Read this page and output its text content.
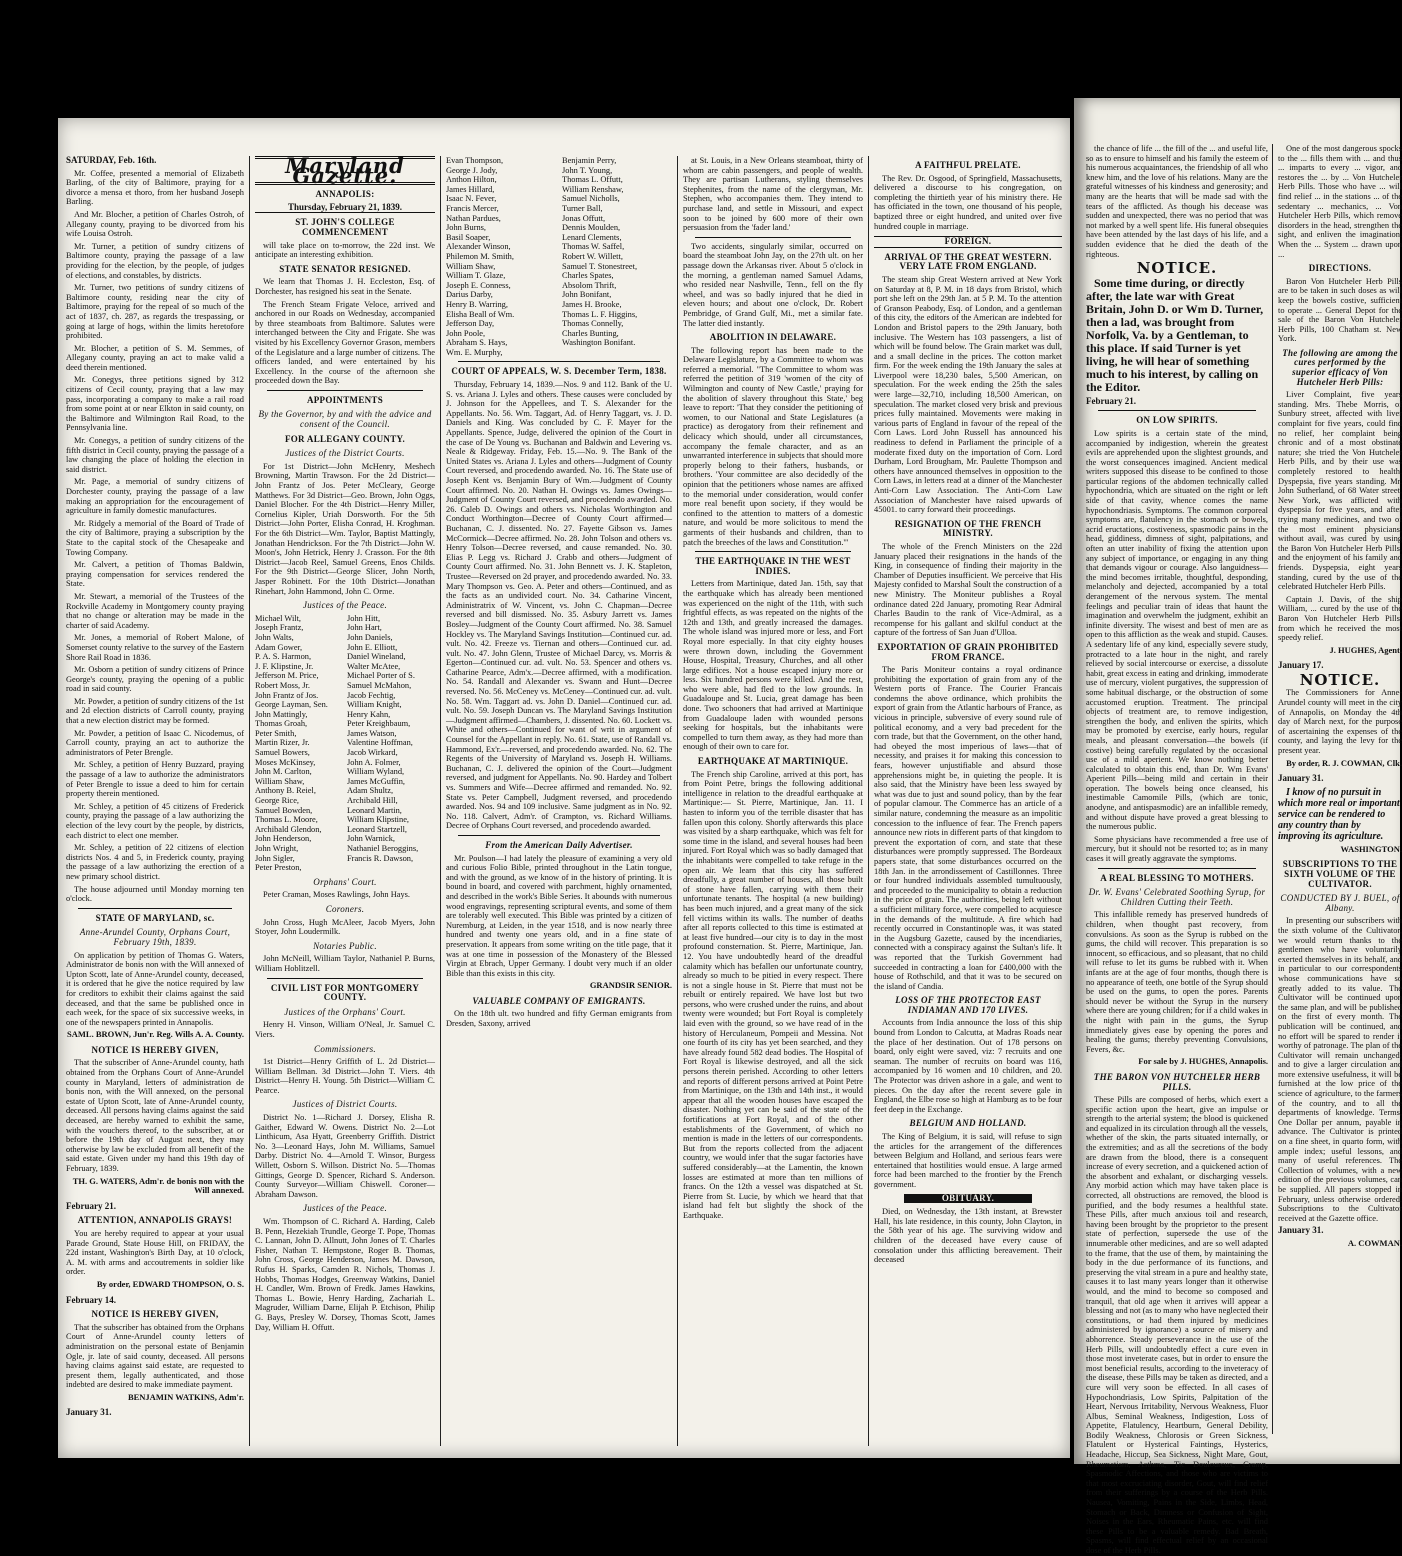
SATURDAY, Feb. 16th.

Mr. Coffee, presented a memorial of Elizabeth Barling, of the city of Baltimore, praying for a divorce a mensa et thoro, from her husband Joseph Barling.

And Mr. Blocher, a petition of Charles Ostroh, of Allegany county, praying to be divorced from his wife Louisa Ostroh.

Mr. Turner, a petition of sundry citizens of Baltimore county, praying the passage of a law providing for the election, by the people, of judges of elections, and constables, by districts.

Mr. Turner, two petitions of sundry citizens of Baltimore county, residing near the city of Baltimore, praying for the repeal of so much of the act of 1837, ch. 287, as regards the trespassing, or going at large of hogs, within the limits heretofore prohibited.

Mr. Blocher, a petition of S. M. Semmes, of Allegany county, praying an act to make valid a deed therein mentioned.

Mr. Conegys, three petitions signed by 312 citizens of Cecil county, praying that a law may pass, incorporating a company to make a rail road from some point at or near Elkton in said county, on the Baltimore and Wilmington Rail Road, to the Pennsylvania line.

Mr. Conegys, a petition of sundry citizens of the fifth district in Cecil county, praying the passage of a law changing the place of holding the election in said district.

Mr. Page, a memorial of sundry citizens of Dorchester county, praying the passage of a law making an appropriation for the encouragement of agriculture in family domestic manufactures.

Mr. Ridgely a memorial of the Board of Trade of the city of Baltimore, praying a subscription by the State to the capital stock of the Chesapeake and Towing Company.

Mr. Calvert, a petition of Thomas Baldwin, praying compensation for services rendered the State.

Mr. Stewart, a memorial of the Trustees of the Rockville Academy in Montgomery county praying that no change or alteration may be made in the charter of said Academy.

Mr. Jones, a memorial of Robert Malone, of Somerset county relative to the survey of the Eastern Shore Rail Road in 1836.

Mr. Osborn a petition of sundry citizens of Prince George's county, praying the opening of a public road in said county.

Mr. Powder, a petition of sundry citizens of the 1st and 2d election districts of Carroll county, praying that a new election district may be formed.

Mr. Powder, a petition of Isaac C. Nicodemus, of Carroll county, praying an act to authorize the administrators of Peter Brengle.

Mr. Schley, a petition of Henry Buzzard, praying the passage of a law to authorize the administrators of Peter Brengle to issue a deed to him for certain property therein mentioned.

Mr. Schley, a petition of 45 citizens of Frederick county, praying the passage of a law authorizing the election of the levy court by the people, by districts, each district to elect one member.

Mr. Schley, a petition of 22 citizens of election districts Nos. 4 and 5, in Frederick county, praying the passage of a law authorizing the erection of a new primary school district.

The house adjourned until Monday morning ten o'clock.

STATE OF MARYLAND, sc.
Anne-Arundel County, Orphans Court, February 19th, 1839.

On application by petition of Thomas G. Waters, Administrator de bonis non with the Will annexed of Upton Scott, late of Anne-Arundel county, deceased, it is ordered that he give the notice required by law for creditors to exhibit their claims against the said deceased, and that the same be published once in each week, for the space of six successive weeks, in one of the newspapers printed in Annapolis.

SAML. BROWN, Jun'r. Reg. Wills A. A. County.
NOTICE IS HEREBY GIVEN,

That the subscriber of Anne-Arundel county, hath obtained from the Orphans Court of Anne-Arundel county in Maryland, letters of administration de bonis non, with the Will annexed, on the personal estate of Upton Scott, late of Anne-Arundel county, deceased. All persons having claims against the said deceased, are hereby warned to exhibit the same, with the vouchers thereof, to the subscriber, at or before the 19th day of August next, they may otherwise by law be excluded from all benefit of the said estate. Given under my hand this 19th day of February, 1839.

TH. G. WATERS, Adm'r. de bonis non with the Will annexed.
February 21.
ATTENTION, ANNAPOLIS GRAYS!

You are hereby required to appear at your usual Parade Ground, State House Hill, on FRIDAY, the 22d instant, Washington's Birth Day, at 10 o'clock, A. M. with arms and accoutrements in soldier like order.

By order, EDWARD THOMPSON, O. S.
February 14.
NOTICE IS HEREBY GIVEN,

That the subscriber has obtained from the Orphans Court of Anne-Arundel county letters of administration on the personal estate of Benjamin Ogle, jr. late of said county, deceased. All persons having claims against said estate, are requested to present them, legally authenticated, and those indebted are desired to make immediate payment.

BENJAMIN WATKINS, Adm'r.
January 31.
Maryland Gazette.
ANNAPOLIS:
Thursday, February 21, 1839.
ST. JOHN'S COLLEGE COMMENCEMENT

will take place on to-morrow, the 22d inst. We anticipate an interesting exhibition.

STATE SENATOR RESIGNED.

We learn that Thomas J. H. Eccleston, Esq. of Dorchester, has resigned his seat in the Senate.

The French Steam Frigate Veloce, arrived and anchored in our Roads on Wednesday, accompanied by three steamboats from Baltimore. Salutes were interchanged between the City and Frigate. She was visited by his Excellency Governor Grason, members of the Legislature and a large number of citizens. The officers landed, and were entertained by his Excellency. In the course of the afternoon she proceeded down the Bay.

APPOINTMENTS
By the Governor, by and with the advice and consent of the Council.
FOR ALLEGANY COUNTY.
Justices of the District Courts.

For 1st District—John McHenry, Meshech Browning, Martin Trawson. For the 2d District—John Frantz of Jos. Peter McCleary, George Matthews. For 3d District—Geo. Brown, John Oggs, Daniel Blocher. For the 4th District—Henry Miller, Cornelius Kipler, Uriah Dorsworth. For the 5th District—John Porter, Elisha Conrad, H. Kroghman. For the 6th District—Wm. Taylor, Baptist Mattingly, Jonathan Hendrickson. For the 7th District—John W. Moon's, John Hetrick, Henry J. Crasson. For the 8th District—Jacob Reel, Samuel Greens, Enos Childs. For the 9th District—George Slicer, John North, Jasper Robinett. For the 10th District—Jonathan Rinehart, John Hammond, John C. Orme.

Justices of the Peace.
Michael Wilt,
Joseph Frantz,
John Walts,
Adam Gower,
P. A. S. Harmon,
J. F. Klipstine, Jr.
Jefferson M. Price,
Robert Moss, Jr.
John Frantz of Jos.
George Layman, Sen.
John Mattingly,
Thomas Groah,
Peter Smith,
Martin Rizer, Jr.
Samuel Bowers,
Moses McKinsey,
John M. Carlton,
William Shaw,
Anthony B. Reiel,
George Rice,
Samuel Bowden,
Thomas L. Moore,
Archibald Glendon,
John Henderson,
John Wright,
John Sigler,
Peter Preston,
John Hitt,
John Hart,
John Daniels,
John E. Elliott,
Daniel Wineland,
Walter McAtee,
Michael Porter of S.
Samuel McMahon,
Jacob Fechtig,
William Knight,
Henry Kahn,
Peter Kreighbaum,
James Watson,
Valentine Hoffman,
Jacob Wirkard,
John A. Folmer,
William Wyland,
James McGuffin,
Adam Shultz,
Archibald Hill,
Leonard Martin,
William Klipstine,
Leonard Startzell,
John Warnick,
Nathaniel Beroggins,
Francis R. Dawson,
Orphans' Court.

Peter Craman, Moses Rawlings, John Hays.

Coroners.

John Cross, Hugh McAleer, Jacob Myers, John Stoyer, John Loudermilk.

Notaries Public.

John McNeill, William Taylor, Nathaniel P. Burns, William Hoblitzell.

CIVIL LIST FOR MONTGOMERY COUNTY.
Justices of the Orphans' Court.

Henry H. Vinson, William O'Neal, Jr. Samuel C. Viers.

Commissioners.

1st District—Henry Griffith of L. 2d District—William Bellman. 3d District—John T. Viers. 4th District—Henry H. Young. 5th District—William C. Pearce.

Justices of District Courts.

District No. 1—Richard J. Dorsey, Elisha R. Gaither, Edward W. Owens. District No. 2—Lot Linthicum, Asa Hyatt, Greenberry Griffith. District No. 3—Leonard Hays, John M. Williams, Samuel Darby. District No. 4—Arnold T. Winsor, Burgess Willett, Osborn S. Willson. District No. 5—Thomas Gittings, George D. Spencer, Richard S. Anderson. County Surveyor—William Chiswell. Coroner—Abraham Dawson.

Justices of the Peace.

Wm. Thompson of C. Richard A. Harding, Caleb B. Penn, Hezekiah Trundle, George T. Pope, Thomas C. Lannan, John D. Allnutt, John Jones of T. Charles Fisher, Nathan T. Hempstone, Roger B. Thomas, John Cross, George Henderson, James M. Dawson, Rufus H. Sparks, Camden R. Nichols, Thomas J. Hobbs, Thomas Hodges, Greenway Watkins, Daniel H. Candler, Wm. Brown of Fredk. James Hawkins, Thomas L. Bowie, Henry Harding, Zachariah L. Magruder, William Darne, Elijah P. Etchison, Philip G. Bays, Presley W. Dorsey, Thomas Scott, James Day, William H. Offutt.

Evan Thompson,
George J. Jody,
Anthon Hilton,
James Hillard,
Isaac N. Fever,
Francis Mercer,
Nathan Pardues,
John Burns,
Basil Soaper,
Alexander Winson,
Philemon M. Smith,
William Shaw,
William T. Glaze,
Joseph E. Conness,
Darius Darby,
Henry B. Warring,
Elisha Beall of Wm.
Jefferson Day,
John Poole,
Abraham S. Hays,
Wm. E. Murphy,
Benjamin Perry,
John T. Young,
Thomas L. Offutt,
William Renshaw,
Samuel Nicholls,
Turner Ball,
Jonas Offutt,
Dennis Moulden,
Lenard Clements,
Thomas W. Saffel,
Robert W. Willett,
Samuel T. Stonestreet,
Charles Spates,
Absolom Thrift,
John Bonifant,
James H. Brooke,
Thomas L. F. Higgins,
Thomas Connelly,
Charles Bunting,
Washington Bonifant.
COURT OF APPEALS, W. S. December Term, 1838.

Thursday, February 14, 1839.—Nos. 9 and 112. Bank of the U. S. vs. Ariana J. Lyles and others. These causes were concluded by J. Johnson for the Appellees, and T. S. Alexander for the Appellants. No. 56. Wm. Taggart, Ad. of Henry Taggart, vs. J. D. Daniels and King. Was concluded by C. F. Mayer for the Appellants. Spence, Judge, delivered the opinion of the Court in the case of De Young vs. Buchanan and Baldwin and Levering vs. Neale & Ridgeway. Friday, Feb. 15.—No. 9. The Bank of the United States vs. Ariana J. Lyles and others—Judgment of County Court reversed, and procedendo awarded. No. 16. The State use of Joseph Kent vs. Benjamin Bury of Wm.—Judgment of County Court affirmed. No. 20. Nathan H. Owings vs. James Owings—Judgment of County Court reversed, and procedendo awarded. No. 26. Caleb D. Owings and others vs. Nicholas Worthington and Conduct Worthington—Decree of County Court affirmed—Buchanan, C. J. dissented. No. 27. Fayette Gibson vs. James McCormick—Decree affirmed. No. 28. John Tolson and others vs. Henry Tolson—Decree reversed, and cause remanded. No. 30. Elias P. Legg vs. Richard J. Crabb and others—Judgment of County Court affirmed. No. 31. John Bennett vs. J. K. Stapleton, Trustee—Reversed on 2d prayer, and procedendo awarded. No. 33. Mary Thompson vs. Geo. A. Peter and others—Continued, and as the facts as an undivided court. No. 34. Catharine Vincent, Administratrix of W. Vincent, vs. John C. Chapman—Decree reversed and bill dismissed. No. 35. Asbury Jarrett vs. James Bosley—Judgment of the County Court affirmed. No. 38. Samuel Hockley vs. The Maryland Savings Institution—Continued cur. ad. vult. No. 42. Freeze vs. Tiernan and others—Continued cur. ad. vult. No. 47. John Glenn, Trustee of Michael Darcy, vs. Morris & Egerton—Continued cur. ad. vult. No. 53. Spencer and others vs. Catharine Pearce, Adm'x.—Decree affirmed, with a modification. No. 54. Randall and Alexander vs. Swann and Hunt—Decree reversed. No. 56. McCeney vs. McCeney—Continued cur. ad. vult. No. 58. Wm. Taggart ad. vs. John D. Daniel—Continued cur. ad. vult. No. 59. Joseph Duncan vs. The Maryland Savings Institution—Judgment affirmed—Chambers, J. dissented. No. 60. Lockett vs. White and others—Continued for want of writ in argument of Counsel for the Appellant in reply. No. 61. State, use of Randall vs. Hammond, Ex'r.—reversed, and procedendo awarded. No. 62. The Regents of the University of Maryland vs. Joseph H. Williams. Buchanan, C. J. delivered the opinion of the Court—Judgment reversed, and judgment for Appellants. No. 90. Hardey and Tolbert vs. Summers and Wife—Decree affirmed and remanded. No. 92. State vs. Peter Campbell, Judgment reversed, and procedendo awarded. Nos. 94 and 109 inclusive. Same judgment as in No. 92. No. 118. Calvert, Adm'r. of Crampton, vs. Richard Williams. Decree of Orphans Court reversed, and procedendo awarded.

From the American Daily Advertiser.

Mr. Poulson—I had lately the pleasure of examining a very old and curious Folio Bible, printed throughout in the Latin tongue, and with the ground, as we know of in the history of printing. It is bound in board, and covered with parchment, highly ornamented, and described in the work's Bible Series. It abounds with numerous wood engravings, representing scriptural events, and some of them are tolerably well executed. This Bible was printed by a citizen of Nuremburg, at Leiden, in the year 1518, and is now nearly three hundred and twenty one years old, and in a fine state of preservation. It appears from some writing on the title page, that it was at one time in possession of the Monastery of the Blessed Virgin at Ebrach, Upper Germany. I doubt very much if an older Bible than this exists in this city.

GRANDSIR SENIOR.
VALUABLE COMPANY OF EMIGRANTS.

On the 18th ult. two hundred and fifty German emigrants from Dresden, Saxony, arrived

at St. Louis, in a New Orleans steamboat, thirty of whom are cabin passengers, and people of wealth. They are partisan Lutherans, styling themselves Stephenites, from the name of the clergyman, Mr. Stephen, who accompanies them. They intend to purchase land, and settle in Missouri, and expect soon to be joined by 600 more of their own persuasion from the 'fader land.'

Two accidents, singularly similar, occurred on board the steamboat John Jay, on the 27th ult. on her passage down the Arkansas river. About 5 o'clock in the morning, a gentleman named Samuel Adams, who resided near Nashville, Tenn., fell on the fly wheel, and was so badly injured that he died in eleven hours; and about one o'clock, Dr. Robert Pembridge, of Grand Gulf, Mi., met a similar fate. The latter died instantly.

ABOLITION IN DELAWARE.

The following report has been made to the Delaware Legislature, by a Committee to whom was referred a memorial. "The Committee to whom was referred the petition of 319 'women of the city of Wilmington and county of New Castle,' praying for the abolition of slavery throughout this State,' beg leave to report: 'That they consider the petitioning of women, to our National and State Legislatures (a practice) as derogatory from their refinement and delicacy which should, under all circumstances, accompany the female character, and as an unwarranted interference in subjects that should more properly belong to their fathers, husbands, or brothers. 'Your committee are also decidedly of the opinion that the petitioners whose names are affixed to the memorial under consideration, would confer more real benefit upon society, if they would be confined to the attention to matters of a domestic nature, and would be more solicitous to mend the garments of their husbands and children, than to patch the breeches of the laws and Constitution.'"

THE EARTHQUAKE IN THE WEST INDIES.

Letters from Martinique, dated Jan. 15th, say that the earthquake which has already been mentioned was experienced on the night of the 11th, with such frightful effects, as was repeated on the nights of the 12th and 13th, and greatly increased the damages. The whole island was injured more or less, and Fort Royal more especially. In that city eighty houses were thrown down, including the Government House, Hospital, Treasury, Churches, and all other large edifices. Not a house escaped injury more or less. Six hundred persons were killed. And the rest, who were able, had fled to the low grounds. In Guadaloupe and St. Lucia, great damage has been done. Two schooners that had arrived at Martinique from Guadaloupe laden with wounded persons seeking for hospitals, but the inhabitants were compelled to turn them away, as they had more than enough of their own to care for.

EARTHQUAKE AT MARTINIQUE.

The French ship Caroline, arrived at this port, has from Point Petre, brings the following additional intelligence in relation to the dreadful earthquake at Martinique:— St. Pierre, Martinique, Jan. 11. I hasten to inform you of the terrible disaster that has fallen upon this colony. Shortly afterwards this place was visited by a sharp earthquake, which was felt for some time in the island, and several houses had been injured. Fort Royal which was so badly damaged that the inhabitants were compelled to take refuge in the open air. We learn that this city has suffered dreadfully, a great number of houses, all those built of stone have fallen, carrying with them their unfortunate tenants. The hospital (a new building) has been much injured, and a great many of the sick fell victims within its walls. The number of deaths after all reports collected to this time is estimated at at least five hundred—our city is to day in the most profound consternation. St. Pierre, Martinique, Jan. 12. You have undoubtedly heard of the dreadful calamity which has befallen our unfortunate country, already so much to be pitied in every respect. There is not a single house in St. Pierre that must not be rebuilt or entirely repaired. We have lost but two persons, who were crushed under the ruins, and about twenty were wounded; but Fort Royal is completely laid even with the ground, so we have read of in the history of Herculaneum, Pompeii and Messina. Not one fourth of its city has yet been searched, and they have already found 582 dead bodies. The Hospital of Fort Royal is likewise destroyed, and all the sick persons therein perished. According to other letters and reports of different persons arrived at Point Petre from Martinique, on the 13th and 14th inst., it would appear that all the wooden houses have escaped the disaster. Nothing yet can be said of the state of the fortifications at Fort Royal, and of the other establishments of the Government, of which no mention is made in the letters of our correspondents. But from the reports collected from the adjacent country, we would infer that the sugar factories have suffered considerably—at the Lamentin, the known losses are estimated at more than ten millions of francs. On the 12th a vessel was dispatched at St. Pierre from St. Lucie, by which we heard that that island had felt but slightly the shock of the Earthquake.

A FAITHFUL PRELATE.

The Rev. Dr. Osgood, of Springfield, Massachusetts, delivered a discourse to his congregation, on completing the thirtieth year of his ministry there. He has officiated in the town, one thousand of his people, baptized three or eight hundred, and united over five hundred couple in marriage.

FOREIGN.
ARRIVAL OF THE GREAT WESTERN. VERY LATE FROM ENGLAND.

The steam ship Great Western arrived at New York on Saturday at 8, P. M. in 18 days from Bristol, which port she left on the 29th Jan. at 5 P. M. To the attention of Granson Peabody, Esq. of London, and a gentleman of this city, the editors of the American are indebted for London and Bristol papers to the 29th January, both inclusive. The Western has 103 passengers, a list of which will be found below. The Grain market was dull, and a small decline in the prices. The cotton market firm. For the week ending the 19th January the sales at Liverpool were 18,230 bales, 5,500 American, on speculation. For the week ending the 25th the sales were large—32,710, including 18,500 American, on speculation. The market closed very brisk and previous prices fully maintained. Movements were making in various parts of England in favour of the repeal of the Corn Laws. Lord John Russell has announced his readiness to defend in Parliament the principle of a moderate fixed duty on the importation of Corn. Lord Durham, Lord Brougham, Mr. Paulette Thompson and others have announced themselves in opposition to the Corn Laws, in letters read at a dinner of the Manchester Anti-Corn Law Association. The Anti-Corn Law Association of Manchester have raised upwards of 45001. to carry forward their proceedings.

RESIGNATION OF THE FRENCH MINISTRY.

The whole of the French Ministers on the 22d January placed their resignations in the hands of the King, in consequence of finding their majority in the Chamber of Deputies insufficient. We perceive that His Majesty confided to Marshal Soult the construction of a new Ministry. The Moniteur publishes a Royal ordinance dated 22d January, promoting Rear Admiral Charles Baudin to the rank of Vice-Admiral, as a recompense for his gallant and skilful conduct at the capture of the fortress of San Juan d'Ulloa.

EXPORTATION OF GRAIN PROHIBITED FROM FRANCE.

The Paris Moniteur contains a royal ordinance prohibiting the exportation of grain from any of the Western ports of France. The Courier Francais condemns the above ordinance, which prohibits the export of grain from the Atlantic harbours of France, as vicious in principle, subversive of every sound rule of political economy, and a very bad precedent for the corn trade, but that the Government, on the other hand, had obeyed the most imperious of laws—that of necessity, and praises it for making this concession to fears, however unjustifiable and absurd those apprehensions might be, in quieting the people. It is also said, that the Ministry have been less swayed by what was due to just and sound policy, than by the fear of popular clamour. The Commerce has an article of a similar nature, condemning the measure as an impolitic concession to the influence of fear. The French papers announce new riots in different parts of that kingdom to prevent the exportation of corn, and state that these disturbances were promptly suppressed. The Bordeaux papers state, that some disturbances occurred on the 18th Jan. in the arrondissement of Castillonnes. Three or four hundred individuals assembled tumultuously, and proceeded to the municipality to obtain a reduction in the price of grain. The authorities, being left without a sufficient military force, were compelled to acquiesce in the demands of the multitude. A fire which had recently occurred in Constantinople was, it was stated in the Augsburg Gazette, caused by the incendiaries, connected with a conspiracy against the Sultan's life. It was reported that the Turkish Government had succeeded in contracting a loan for £400,000 with the house of Rothschild, and that it was to be secured on the island of Candia.

LOSS OF THE PROTECTOR EAST INDIAMAN AND 170 LIVES.

Accounts from India announce the loss of this ship bound from London to Calcutta, at Madras Roads near the place of her destination. Out of 178 persons on board, only eight were saved, viz: 7 recruits and one seaman. The number of recruits on board was 116, accompanied by 16 women and 10 children, and 20. The Protector was driven ashore in a gale, and went to pieces. On the day after the recent severe gale in England, the Elbe rose so high at Hamburg as to be four feet deep in the Exchange.

BELGIUM AND HOLLAND.

The King of Belgium, it is said, will refuse to sign the articles for the arrangement of the differences between Belgium and Holland, and serious fears were entertained that hostilities would ensue. A large armed force had been marched to the frontier by the French government.

OBITUARY.

Died, on Wednesday, the 13th instant, at Brewster Hall, his late residence, in this county, John Clayton, in the 58th year of his age. The surviving widow and children of the deceased have every cause of consolation under this afflicting bereavement. Their deceased

the chance of life ... the fill of the ... and useful life, so as to ensure to himself and his family the esteem of his numerous acquaintances, the friendship of all who knew him, and the love of his relations. Many are the grateful witnesses of his kindness and generosity; and many are the hearts that will be made sad with the tears of the afflicted. As though his decease was sudden and unexpected, there was no period that was not marked by a well spent life. His funeral obsequies have been attended by the last days of his life, and a sudden evidence that he died the death of the righteous.

NOTICE.

Some time during, or directly after, the late war with Great Britain, John D. or Wm D. Turner, then a lad, was brought from Norfolk, Va. by a Gentleman, to this place. If said Turner is yet living, he will hear of something much to his interest, by calling on the Editor.

February 21.
ON LOW SPIRITS.

Low spirits is a certain state of the mind, accompanied by indigestion, wherein the greatest evils are apprehended upon the slightest grounds, and the worst consequences imagined. Ancient medical writers supposed this disease to be confined to those particular regions of the abdomen technically called hypochondria, which are situated on the right or left side of that cavity, whence comes the name hypochondriasis. Symptoms. The common corporeal symptoms are, flatulency in the stomach or bowels, acrid eructations, costiveness, spasmodic pains in the head, giddiness, dimness of sight, palpitations, and often an utter inability of fixing the attention upon any subject of importance, or engaging in any thing that demands vigour or courage. Also languidness—the mind becomes irritable, thoughtful, desponding, melancholy and dejected, accompanied by a total derangement of the nervous system. The mental feelings and peculiar train of ideas that haunt the imagination and overwhelm the judgment, exhibit an infinite diversity. The wisest and best of men are as open to this affliction as the weak and stupid. Causes. A sedentary life of any kind, especially severe study, protracted to a late hour in the night, and rarely relieved by social intercourse or exercise, a dissolute habit, great excess in eating and drinking, immoderate use of mercury, violent purgatives, the suppression of some habitual discharge, or the obstruction of some accustomed eruption. Treatment. The principal objects of treatment are, to remove indigestion, strengthen the body, and enliven the spirits, which may be promoted by exercise, early hours, regular meals, and pleasant conversation—the bowels (if costive) being carefully regulated by the occasional use of a mild aperient. We know nothing better calculated to obtain this end, than Dr. Wm Evans' Aperient Pills—being mild and certain in their operation. The bowels being once cleansed, his inestimable Camomile Pills, (which are tonic, anodyne, and antispasmodic) are an infallible remedy, and without dispute have proved a great blessing to the numerous public.

Some physicians have recommended a free use of mercury, but it should not be resorted to; as in many cases it will greatly aggravate the symptoms.

A REAL BLESSING TO MOTHERS.
Dr. W. Evans' Celebrated Soothing Syrup, for Children Cutting their Teeth.

This infallible remedy has preserved hundreds of children, when thought past recovery, from convulsions. As soon as the Syrup is rubbed on the gums, the child will recover. This preparation is so innocent, so efficacious, and so pleasant, that no child will refuse to let its gums be rubbed with it. When infants are at the age of four months, though there is no appearance of teeth, one bottle of the Syrup should be used on the gums, to open the pores. Parents should never be without the Syrup in the nursery where there are young children; for if a child wakes in the night with pain in the gums, the Syrup immediately gives ease by opening the pores and healing the gums; thereby preventing Convulsions, Fevers, &c.

For sale by J. HUGHES, Annapolis.
THE BARON VON HUTCHELER HERB PILLS.

These Pills are composed of herbs, which exert a specific action upon the heart, give an impulse or strength to the arterial system; the blood is quickened and equalized in its circulation through all the vessels, whether of the skin, the parts situated internally, or the extremities; and as all the secretions of the body are drawn from the blood, there is a consequent increase of every secretion, and a quickened action of the absorbent and exhalant, or discharging vessels. Any morbid action which may have taken place is corrected, all obstructions are removed, the blood is purified, and the body resumes a healthful state. These Pills, after much anxious toil and research, having been brought by the proprietor to the present state of perfection, supersede the use of the innumerable other medicines, and are so well adapted to the frame, that the use of them, by maintaining the body in the due performance of its functions, and preserving the vital stream in a pure and healthy state, causes it to last many years longer than it otherwise would, and the mind to become so composed and tranquil, that old age when it arrives will appear a blessing and not (as to many who have neglected their constitutions, or had them injured by medicines administered by ignorance) a source of misery and abhorrence. Steady perseverance in the use of the Herb Pills, will undoubtedly effect a cure even in those most inveterate cases, but in order to ensure the most beneficial results, according to the inveteracy of the disease, these Pills may be taken as directed, and a cure will very soon be effected. In all cases of Hypochondriasis, Low Spirits, Palpitation of the Heart, Nervous Irritability, Nervous Weakness, Fluor Albus, Seminal Weakness, Indigestion, Loss of Appetite, Flatulency, Heartburn, General Debility, Bodily Weakness, Chlorosis or Green Sickness, Flatulent or Hysterical Faintings, Hysterics, Headache, Hiccup, Sea Sickness, Night Mare, Gout, Rheumatism, Asthma, Tic Douloureux, Cramp, Spasmodic Affections, and those who are victims to that most excruciating disorder, Gout, will find relief from their sufferings by a course of the Herb Pills. Nausea, Vomiting, Pains in the Side, Limbs, Head, Stomach or Back, Dimness or Confusion of Sight, Noises in the Ears, Rheumatic Pains, etc. will find these Pills to be a valuable remedy. Bad Breath, Spasms, will find effectual relief by an occasional dose of the Herb Pills.

One of the most dangerous spocks to the ... fills them with ... and thus ... imparts to every ... vigor, and restores the ... by ... Von Hutcheler Herb Pills. Those who have ... will find relief ... in the stations ... of the sedentary ... mechanics, ... Von Hutcheler Herb Pills, which remove disorders in the head, strengthen the sight, and enliven the imagination. When the ... System ... drawn upon ...

DIRECTIONS.

Baron Von Hutcheler Herb Pills are to be taken in such doses as will keep the bowels costive, sufficient to operate ... General Depot for the sale of the Baron Von Hutcheler Herb Pills, 100 Chatham st. New York.

The following are among the cures performed by the superior efficacy of Von Hutcheler Herb Pills:

Liver Complaint, five years standing. Mrs. Thebe Morris, of Sunbury street, affected with liver complaint for five years, could find no relief, her complaint being chronic and of a most obstinate nature; she tried the Von Hutcheler Herb Pills, and by their use was completely restored to health. Dyspepsia, five years standing. Mr. John Sutherland, of 68 Water street, New York, was afflicted with dyspepsia for five years, and after trying many medicines, and two of the most eminent physicians, without avail, was cured by using the Baron Von Hutcheler Herb Pills, and the enjoyment of his family and friends. Dyspepsia, eight years standing, cured by the use of the celebrated Hutcheler Herb Pills.

Captain J. Davis, of the ship William, ... cured by the use of the Baron Von Hutcheler Herb Pills, from which he received the most speedy relief.

J. HUGHES, Agent.
January 17.
NOTICE.

The Commissioners for Anne-Arundel county will meet in the city of Annapolis, on Monday the 4th day of March next, for the purpose of ascertaining the expenses of the county, and laying the levy for the present year.

By order, R. J. COWMAN, Clk.
January 31.

I know of no pursuit in which more real or important service can be rendered to any country than by improving its agriculture.

WASHINGTON.
SUBSCRIPTIONS TO THE SIXTH VOLUME OF THE CULTIVATOR.
CONDUCTED BY J. BUEL, of Albany.

In presenting our subscribers with the sixth volume of the Cultivator, we would return thanks to the gentlemen who have voluntarily exerted themselves in its behalf, and in particular to our correspondents whose communications have so greatly added to its value. The Cultivator will be continued upon the same plan, and will be published on the first of every month. The publication will be continued, and no effort will be spared to render it worthy of patronage. The plan of the Cultivator will remain unchanged; and to give a larger circulation and more extensive usefulness, it will be furnished at the low price of the science of agriculture, to the farmers of the country, and to all the departments of knowledge. Terms, One Dollar per annum, payable in advance. The Cultivator is printed on a fine sheet, in quarto form, with ample index; useful lessons, and many of useful references. The Collection of volumes, with a new edition of the previous volumes, can be supplied. All papers stopped in February, unless otherwise ordered. Subscriptions to the Cultivator received at the Gazette office.

January 31.
A. COWMAN.
